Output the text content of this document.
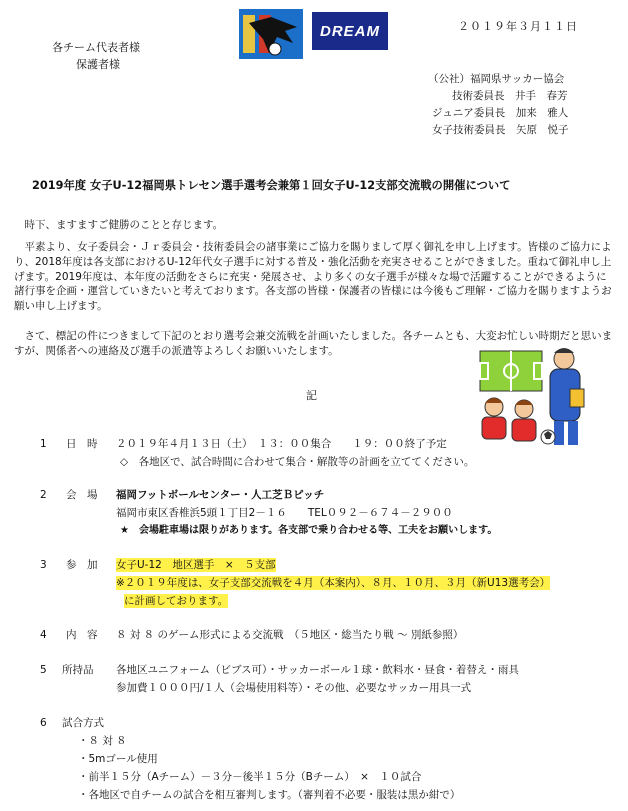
DREAM	２０１９年３月１１日
各チーム代表者様
保護者様
（公社）福岡県サッカー協会
技術委員長　井手　春芳
ジュニア委員長　加来　雅人
女子技術委員長　矢原　悦子
2019年度 女子U-12福岡県トレセン選手選考会兼第１回女子U-12支部交流戦の開催について
　時下、ますますご健勝のことと存じます。
　平素より、女子委員会・Ｊｒ委員会・技術委員会の諸事業にご協力を賜りまして厚く御礼を申し上げます。皆様のご協力により、2018年度は各支部におけるU-12年代女子選手に対する普及・強化活動を充実させることができました。重ねて御礼申し上げます。2019年度は、本年度の活動をさらに充実・発展させ、より多くの女子選手が様々な場で活躍することができるように諸行事を企画・運営していきたいと考えております。各支部の皆様・保護者の皆様には今後もご理解・ご協力を賜りますようお願い申し上げます。
　さて、標記の件につきまして下記のとおり選考会兼交流戦を計画いたしました。各チームとも、大変お忙しい時期だと思いますが、関係者への連絡及び選手の派遣等よろしくお願いいたします。
記
1 日　時 ２０１９年４月１３日（土）　１３：００集合　　１９：００終了予定
◇　各地区で、試合時間に合わせて集合・解散等の計画を立ててください。
2 会　場 福岡フットボールセンター・人工芝Ｂピッチ
福岡市東区香椎浜5頭１丁目2－１６　　TEL０９２－６７４－２９００
★　会場駐車場は限りがあります。各支部で乗り合わせる等、工夫をお願いします。
3 参　加 女子U-12　地区選手　×　５支部
※２０１９年度は、女子支部交流戦を４月（本案内）、８月、１０月、３月（新U13選考会）
に計画しております。
4 内　容 ８ 対 ８ のゲーム形式による交流戦　（５地区・総当たり戦 ～ 別紙参照）
5 所持品 各地区ユニフォーム（ビブス可）・サッカーボール１球・飲料水・昼食・着替え・雨具
参加費１０００円/１人（会場使用料等）・その他、必要なサッカー用具一式
6 試合方式
・ ８ 対 ８
・ 5mゴール使用
・ 前半１５分（Aチーム）－３分－後半１５分（Bチーム）　×　１０試合
・ 各地区で自チームの試合を相互審判します。（審判着不必要・服装は黒か紺で）
